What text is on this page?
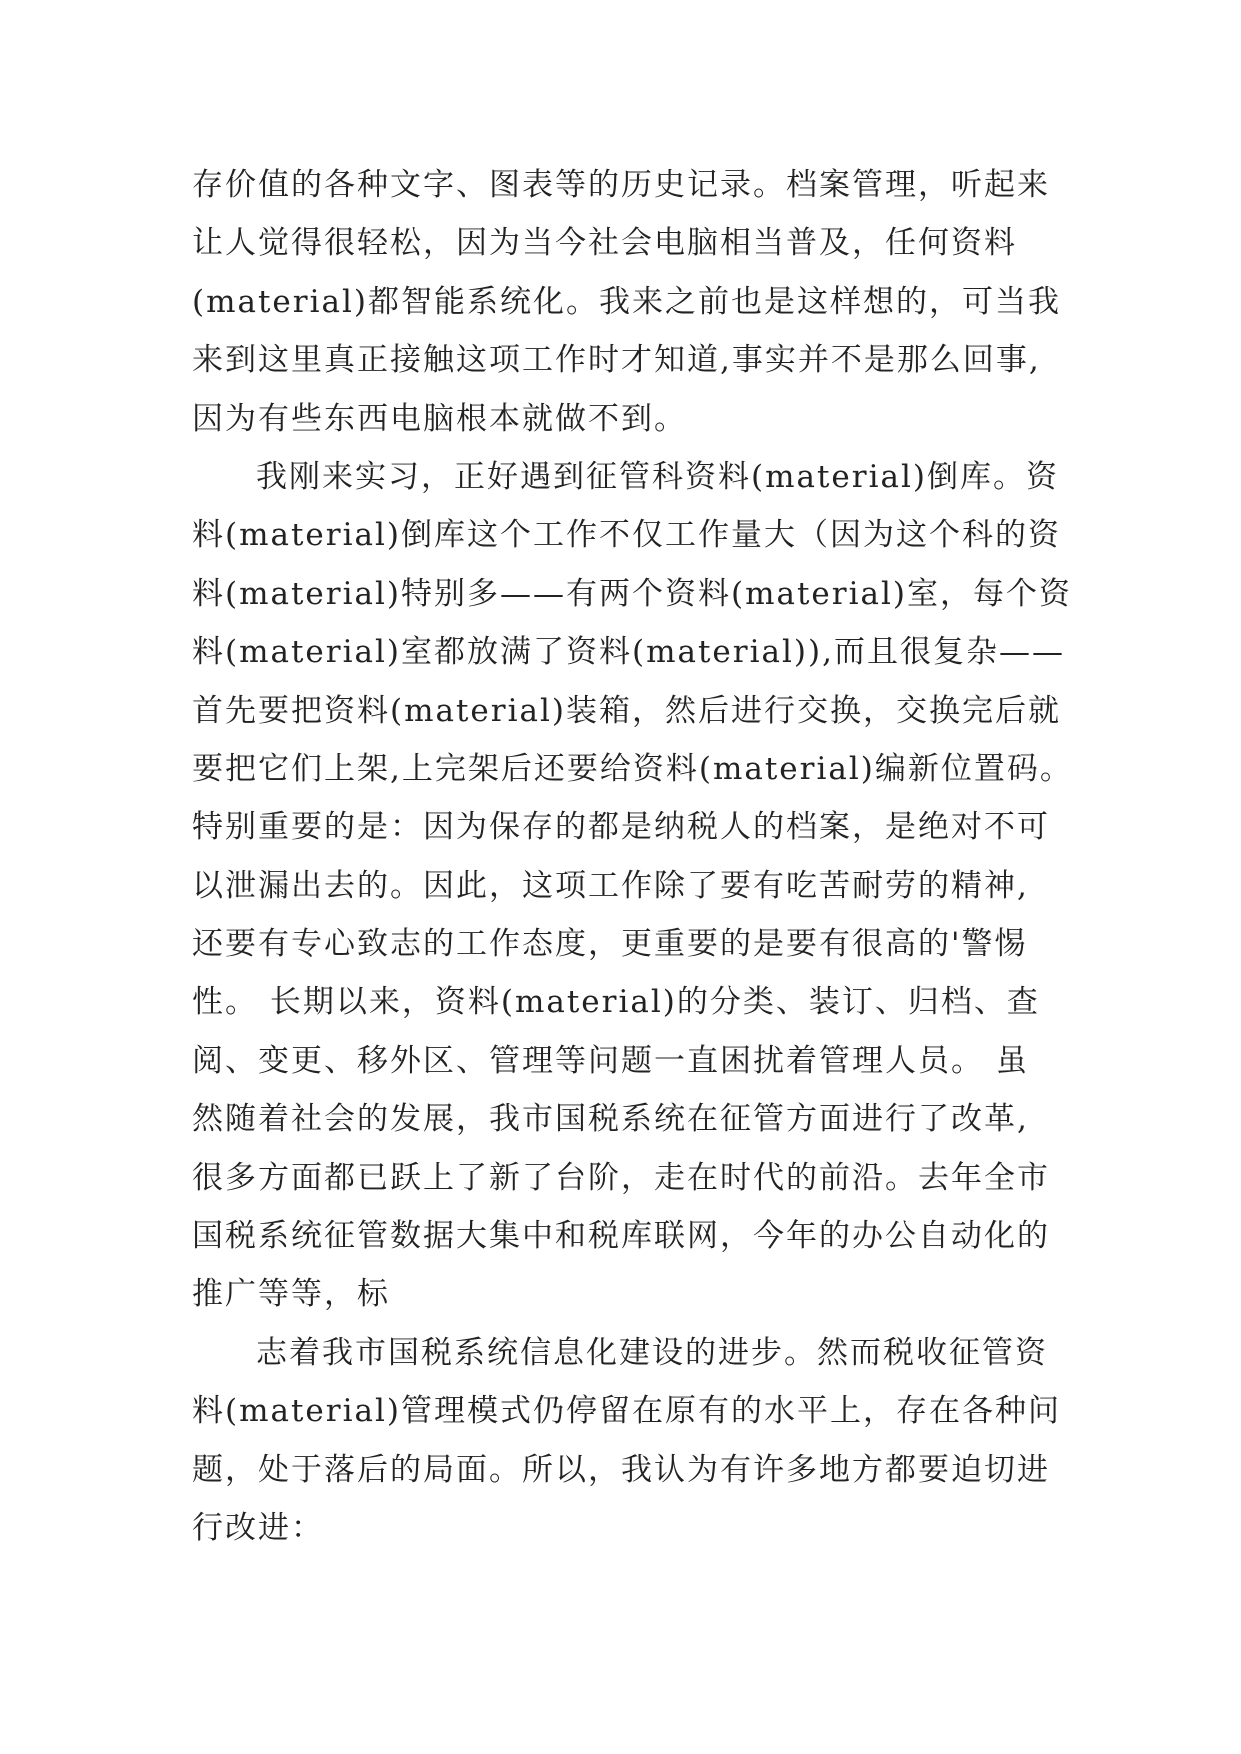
存价值的各种文字、图表等的历史记录。档案管理，听起来
让人觉得很轻松，因为当今社会电脑相当普及，任何资料
(material)都智能系统化。我来之前也是这样想的，可当我
来到这里真正接触这项工作时才知道,事实并不是那么回事,
因为有些东西电脑根本就做不到。
我刚来实习，正好遇到征管科资料(material)倒库。资
料(material)倒库这个工作不仅工作量大（因为这个科的资
料(material)特别多——有两个资料(material)室，每个资
料(material)室都放满了资料(material)),而且很复杂——
首先要把资料(material)装箱，然后进行交换，交换完后就
要把它们上架,上完架后还要给资料(material)编新位置码。
特别重要的是：因为保存的都是纳税人的档案，是绝对不可
以泄漏出去的。因此，这项工作除了要有吃苦耐劳的精神,
还要有专心致志的工作态度，更重要的是要有很高的'警惕
性。 长期以来，资料(material)的分类、装订、归档、查
阅、变更、移外区、管理等问题一直困扰着管理人员。 虽
然随着社会的发展，我市国税系统在征管方面进行了改革,
很多方面都已跃上了新了台阶，走在时代的前沿。去年全市
国税系统征管数据大集中和税库联网，今年的办公自动化的
推广等等，标
志着我市国税系统信息化建设的进步。然而税收征管资
料(material)管理模式仍停留在原有的水平上，存在各种问
题，处于落后的局面。所以，我认为有许多地方都要迫切进
行改进：
